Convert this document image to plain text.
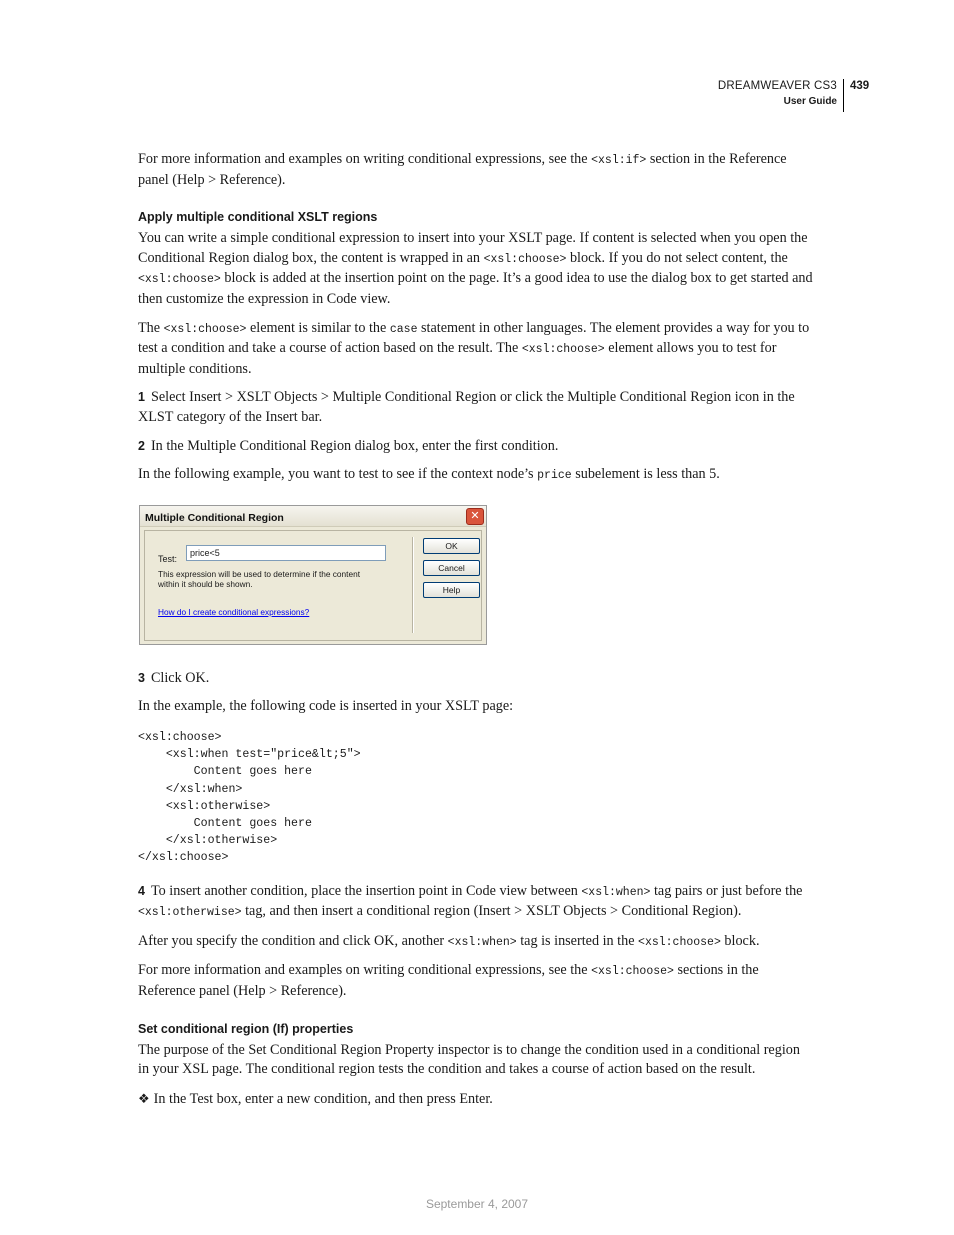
DREAMWEAVER CS3
User Guide
439

For more information and examples on writing conditional expressions, see the <xsl:if> section in the Reference panel (Help > Reference).

Apply multiple conditional XSLT regions

You can write a simple conditional expression to insert into your XSLT page. If content is selected when you open the Conditional Region dialog box, the content is wrapped in an <xsl:choose> block. If you do not select content, the <xsl:choose> block is added at the insertion point on the page. It’s a good idea to use the dialog box to get started and then customize the expression in Code view.

The <xsl:choose> element is similar to the case statement in other languages. The element provides a way for you to test a condition and take a course of action based on the result. The <xsl:choose> element allows you to test for multiple conditions.

1 Select Insert > XSLT Objects > Multiple Conditional Region or click the Multiple Conditional Region icon in the XLST category of the Insert bar.

2 In the Multiple Conditional Region dialog box, enter the first condition.

In the following example, you want to test to see if the context node’s price subelement is less than 5.

Multiple Conditional Region	✕
Test:
price<5
This expression will be used to determine if the content within it should be shown.
How do I create conditional expressions?
OK
Cancel
Help

3 Click OK.

In the example, the following code is inserted in your XSLT page:

<xsl:choose>
<xsl:when test="price&lt;5">
Content goes here
</xsl:when>
<xsl:otherwise>
Content goes here
</xsl:otherwise>
</xsl:choose>

4 To insert another condition, place the insertion point in Code view between <xsl:when> tag pairs or just before the <xsl:otherwise> tag, and then insert a conditional region (Insert > XSLT Objects > Conditional Region).

After you specify the condition and click OK, another <xsl:when> tag is inserted in the <xsl:choose> block.

For more information and examples on writing conditional expressions, see the <xsl:choose> sections in the Reference panel (Help > Reference).

Set conditional region (If) properties

The purpose of the Set Conditional Region Property inspector is to change the condition used in a conditional region in your XSL page. The conditional region tests the condition and takes a course of action based on the result.

❖ In the Test box, enter a new condition, and then press Enter.

September 4, 2007
